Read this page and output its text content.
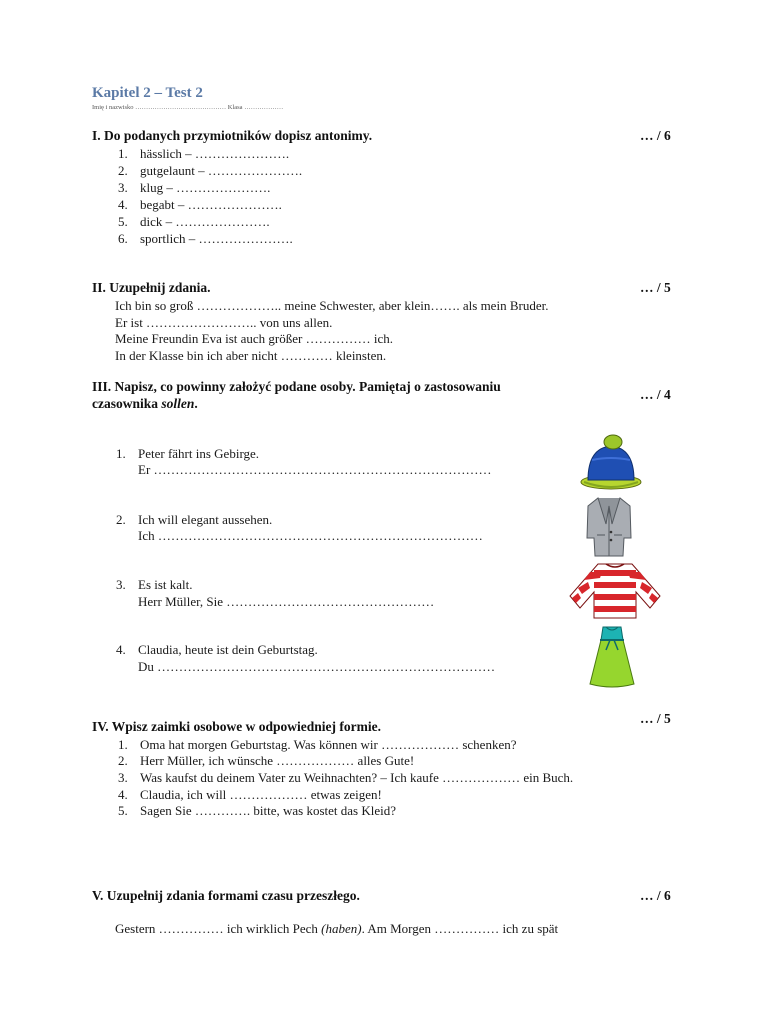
Kapitel 2 – Test 2
Imię i nazwisko …………………………………… Klasa ………………
I. Do podanych przymiotników dopisz antonimy.	… / 6
1. hässlich – ………………….
2. gutgelaunt – ………………….
3. klug – ………………….
4. begabt – ………………….
5. dick – ………………….
6. sportlich – ………………….
II. Uzupełnij zdania.	… / 5
Ich bin so groß ……………….. meine Schwester, aber klein……. als mein Bruder.
Er ist …………………….. von uns allen.
Meine Freundin Eva ist auch größer …………… ich.
In der Klasse bin ich aber nicht ………… kleinsten.
III. Napisz, co powinny założyć podane osoby. Pamiętaj o zastosowaniu
czasownika sollen.
… / 4
1. Peter fährt ins Gebirge.
Er ……………………………………………………………………
2. Ich will elegant aussehen.
Ich …………………………………………………………………
3. Es ist kalt.
Herr Müller, Sie …………………………………………
4. Claudia, heute ist dein Geburtstag.
Du ……………………………………………………………………
IV. Wpisz zaimki osobowe w odpowiedniej formie.
… / 5
1. Oma hat morgen Geburtstag. Was können wir ……………… schenken?
2. Herr Müller, ich wünsche ……………… alles Gute!
3. Was kaufst du deinem Vater zu Weihnachten? – Ich kaufe ……………… ein Buch.
4. Claudia, ich will ……………… etwas zeigen!
5. Sagen Sie …………. bitte, was kostet das Kleid?
V. Uzupełnij zdania formami czasu przeszłego.	… / 6
Gestern …………… ich wirklich Pech (haben). Am Morgen …………… ich zu spät
